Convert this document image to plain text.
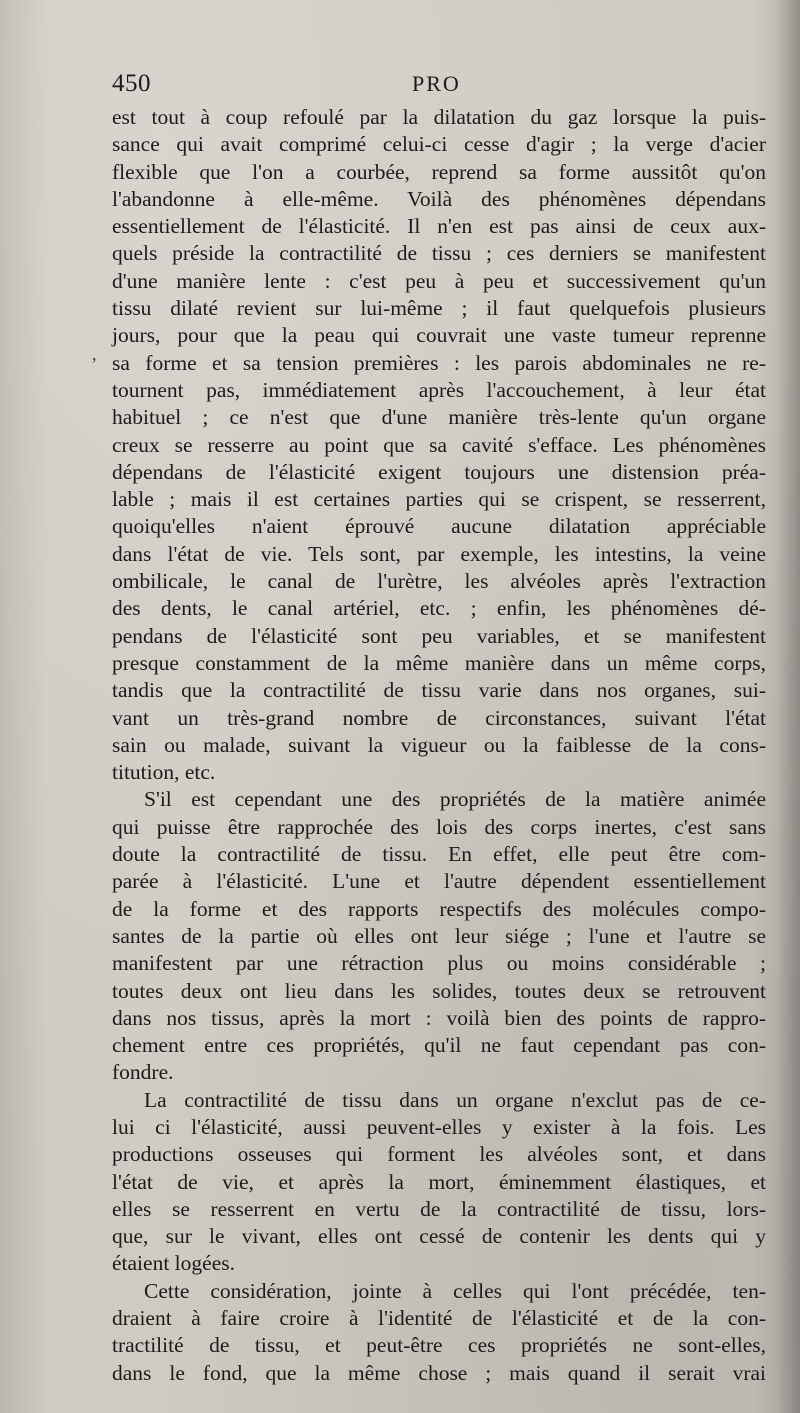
450	PRO
,
est tout à coup refoulé par la dilatation du gaz lorsque la puis-
sance qui avait comprimé celui-ci cesse d'agir ; la verge d'acier
flexible que l'on a courbée, reprend sa forme aussitôt qu'on
l'abandonne à elle-même. Voilà des phénomènes dépendans
essentiellement de l'élasticité. Il n'en est pas ainsi de ceux aux-
quels préside la contractilité de tissu ; ces derniers se manifestent
d'une manière lente : c'est peu à peu et successivement qu'un
tissu dilaté revient sur lui-même ; il faut quelquefois plusieurs
jours, pour que la peau qui couvrait une vaste tumeur reprenne
sa forme et sa tension premières : les parois abdominales ne re-
tournent pas, immédiatement après l'accouchement, à leur état
habituel ; ce n'est que d'une manière très-lente qu'un organe
creux se resserre au point que sa cavité s'efface. Les phénomènes
dépendans de l'élasticité exigent toujours une distension préa-
lable ; mais il est certaines parties qui se crispent, se resserrent,
quoiqu'elles n'aient éprouvé aucune dilatation appréciable
dans l'état de vie. Tels sont, par exemple, les intestins, la veine
ombilicale, le canal de l'urètre, les alvéoles après l'extraction
des dents, le canal artériel, etc. ; enfin, les phénomènes dé-
pendans de l'élasticité sont peu variables, et se manifestent
presque constamment de la même manière dans un même corps,
tandis que la contractilité de tissu varie dans nos organes, sui-
vant un très-grand nombre de circonstances, suivant l'état
sain ou malade, suivant la vigueur ou la faiblesse de la cons-
titution, etc.
S'il est cependant une des propriétés de la matière animée
qui puisse être rapprochée des lois des corps inertes, c'est sans
doute la contractilité de tissu. En effet, elle peut être com-
parée à l'élasticité. L'une et l'autre dépendent essentiellement
de la forme et des rapports respectifs des molécules compo-
santes de la partie où elles ont leur siége ; l'une et l'autre se
manifestent par une rétraction plus ou moins considérable ;
toutes deux ont lieu dans les solides, toutes deux se retrouvent
dans nos tissus, après la mort : voilà bien des points de rappro-
chement entre ces propriétés, qu'il ne faut cependant pas con-
fondre.
La contractilité de tissu dans un organe n'exclut pas de ce-
lui ci l'élasticité, aussi peuvent-elles y exister à la fois. Les
productions osseuses qui forment les alvéoles sont, et dans
l'état de vie, et après la mort, éminemment élastiques, et
elles se resserrent en vertu de la contractilité de tissu, lors-
que, sur le vivant, elles ont cessé de contenir les dents qui y
étaient logées.
Cette considération, jointe à celles qui l'ont précédée, ten-
draient à faire croire à l'identité de l'élasticité et de la con-
tractilité de tissu, et peut-être ces propriétés ne sont-elles,
dans le fond, que la même chose ; mais quand il serait vrai
